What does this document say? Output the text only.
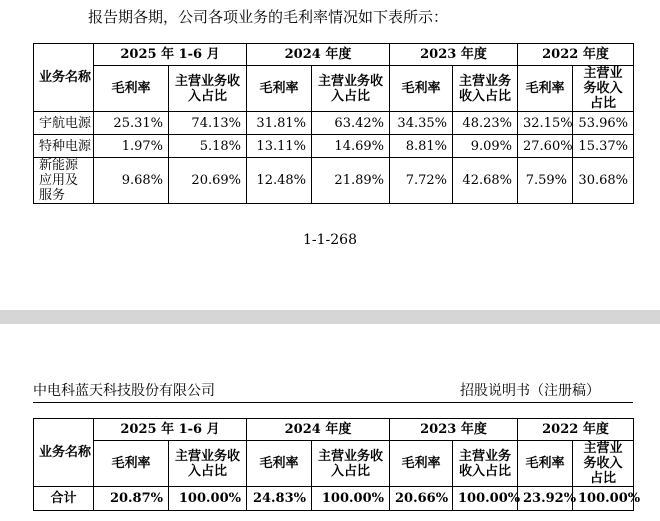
报告期各期，公司各项业务的毛利率情况如下表所示：
业务名称	2025 年 1-6 月		2024 年度		2023 年度		2022 年度	
	毛利率	主营业务收入占比	毛利率	主营业务收入占比	毛利率	主营业务收入占比	毛利率	主营业务收入占比
宇航电源	25.31%	74.13%	31.81%	63.42%	34.35%	48.23%	32.15%	53.96%
特种电源	1.97%	5.18%	13.11%	14.69%	8.81%	9.09%	27.60%	15.37%
新能源应用及服务	9.68%	20.69%	12.48%	21.89%	7.72%	42.68%	7.59%	30.68%
1-1-268
中电科蓝天科技股份有限公司	招股说明书（注册稿）
业务名称	2025 年 1-6 月		2024 年度		2023 年度		2022 年度	
	毛利率	主营业务收入占比	毛利率	主营业务收入占比	毛利率	主营业务收入占比	毛利率	主营业务收入占比
合计	20.87%	100.00%	24.83%	100.00%	20.66%	100.00%	23.92%	100.00%
